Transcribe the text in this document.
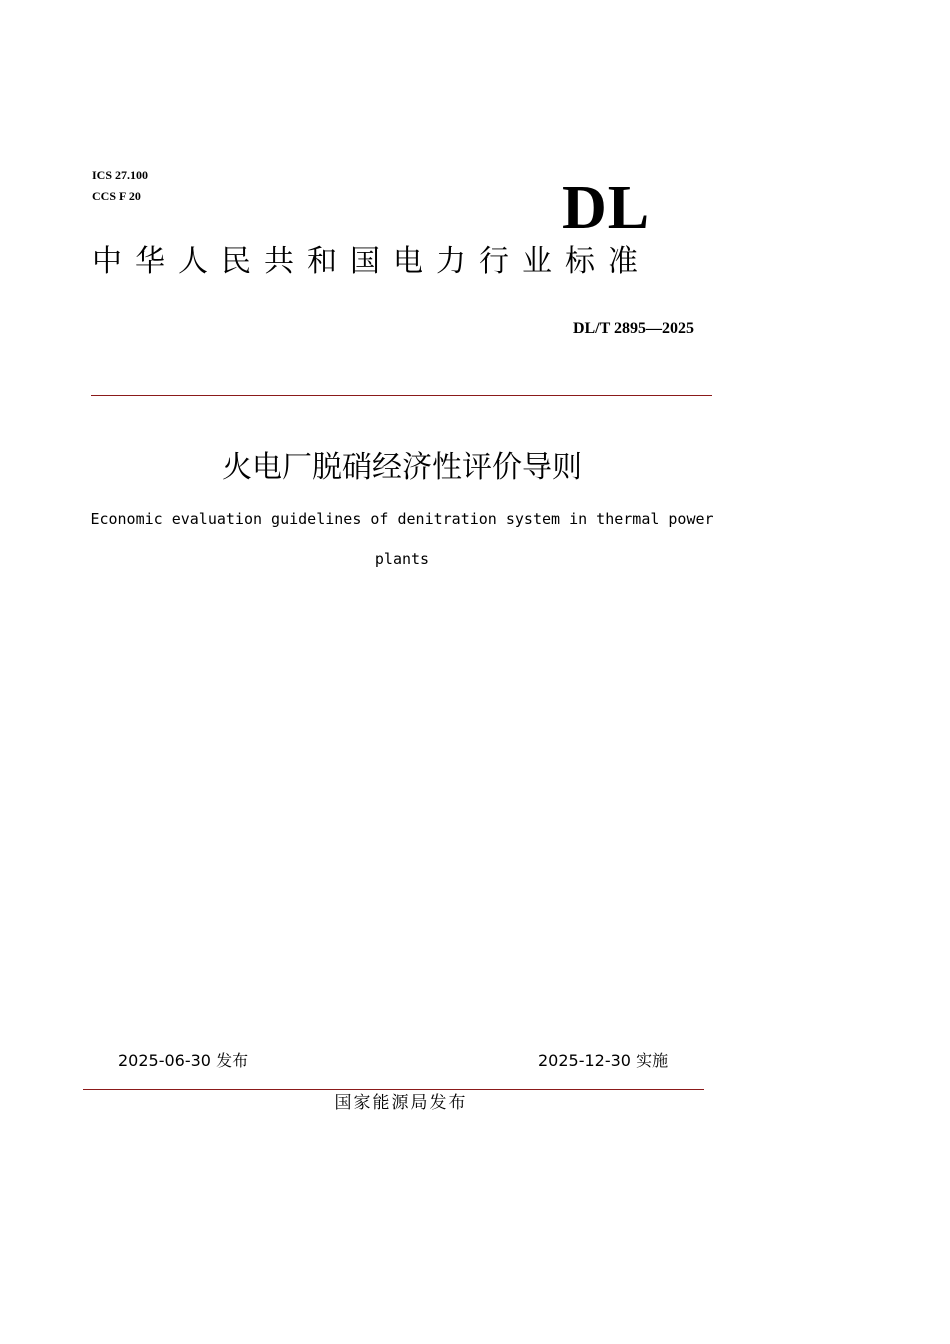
ICS 27.100
CCS F 20	DL
中华人民共和国电力行业标准
DL/T 2895—2025
火电厂脱硝经济性评价导则
Economic evaluation guidelines of denitration system in thermal power
plants
2025-06-30 发布	2025-12-30 实施
国家能源局发布
